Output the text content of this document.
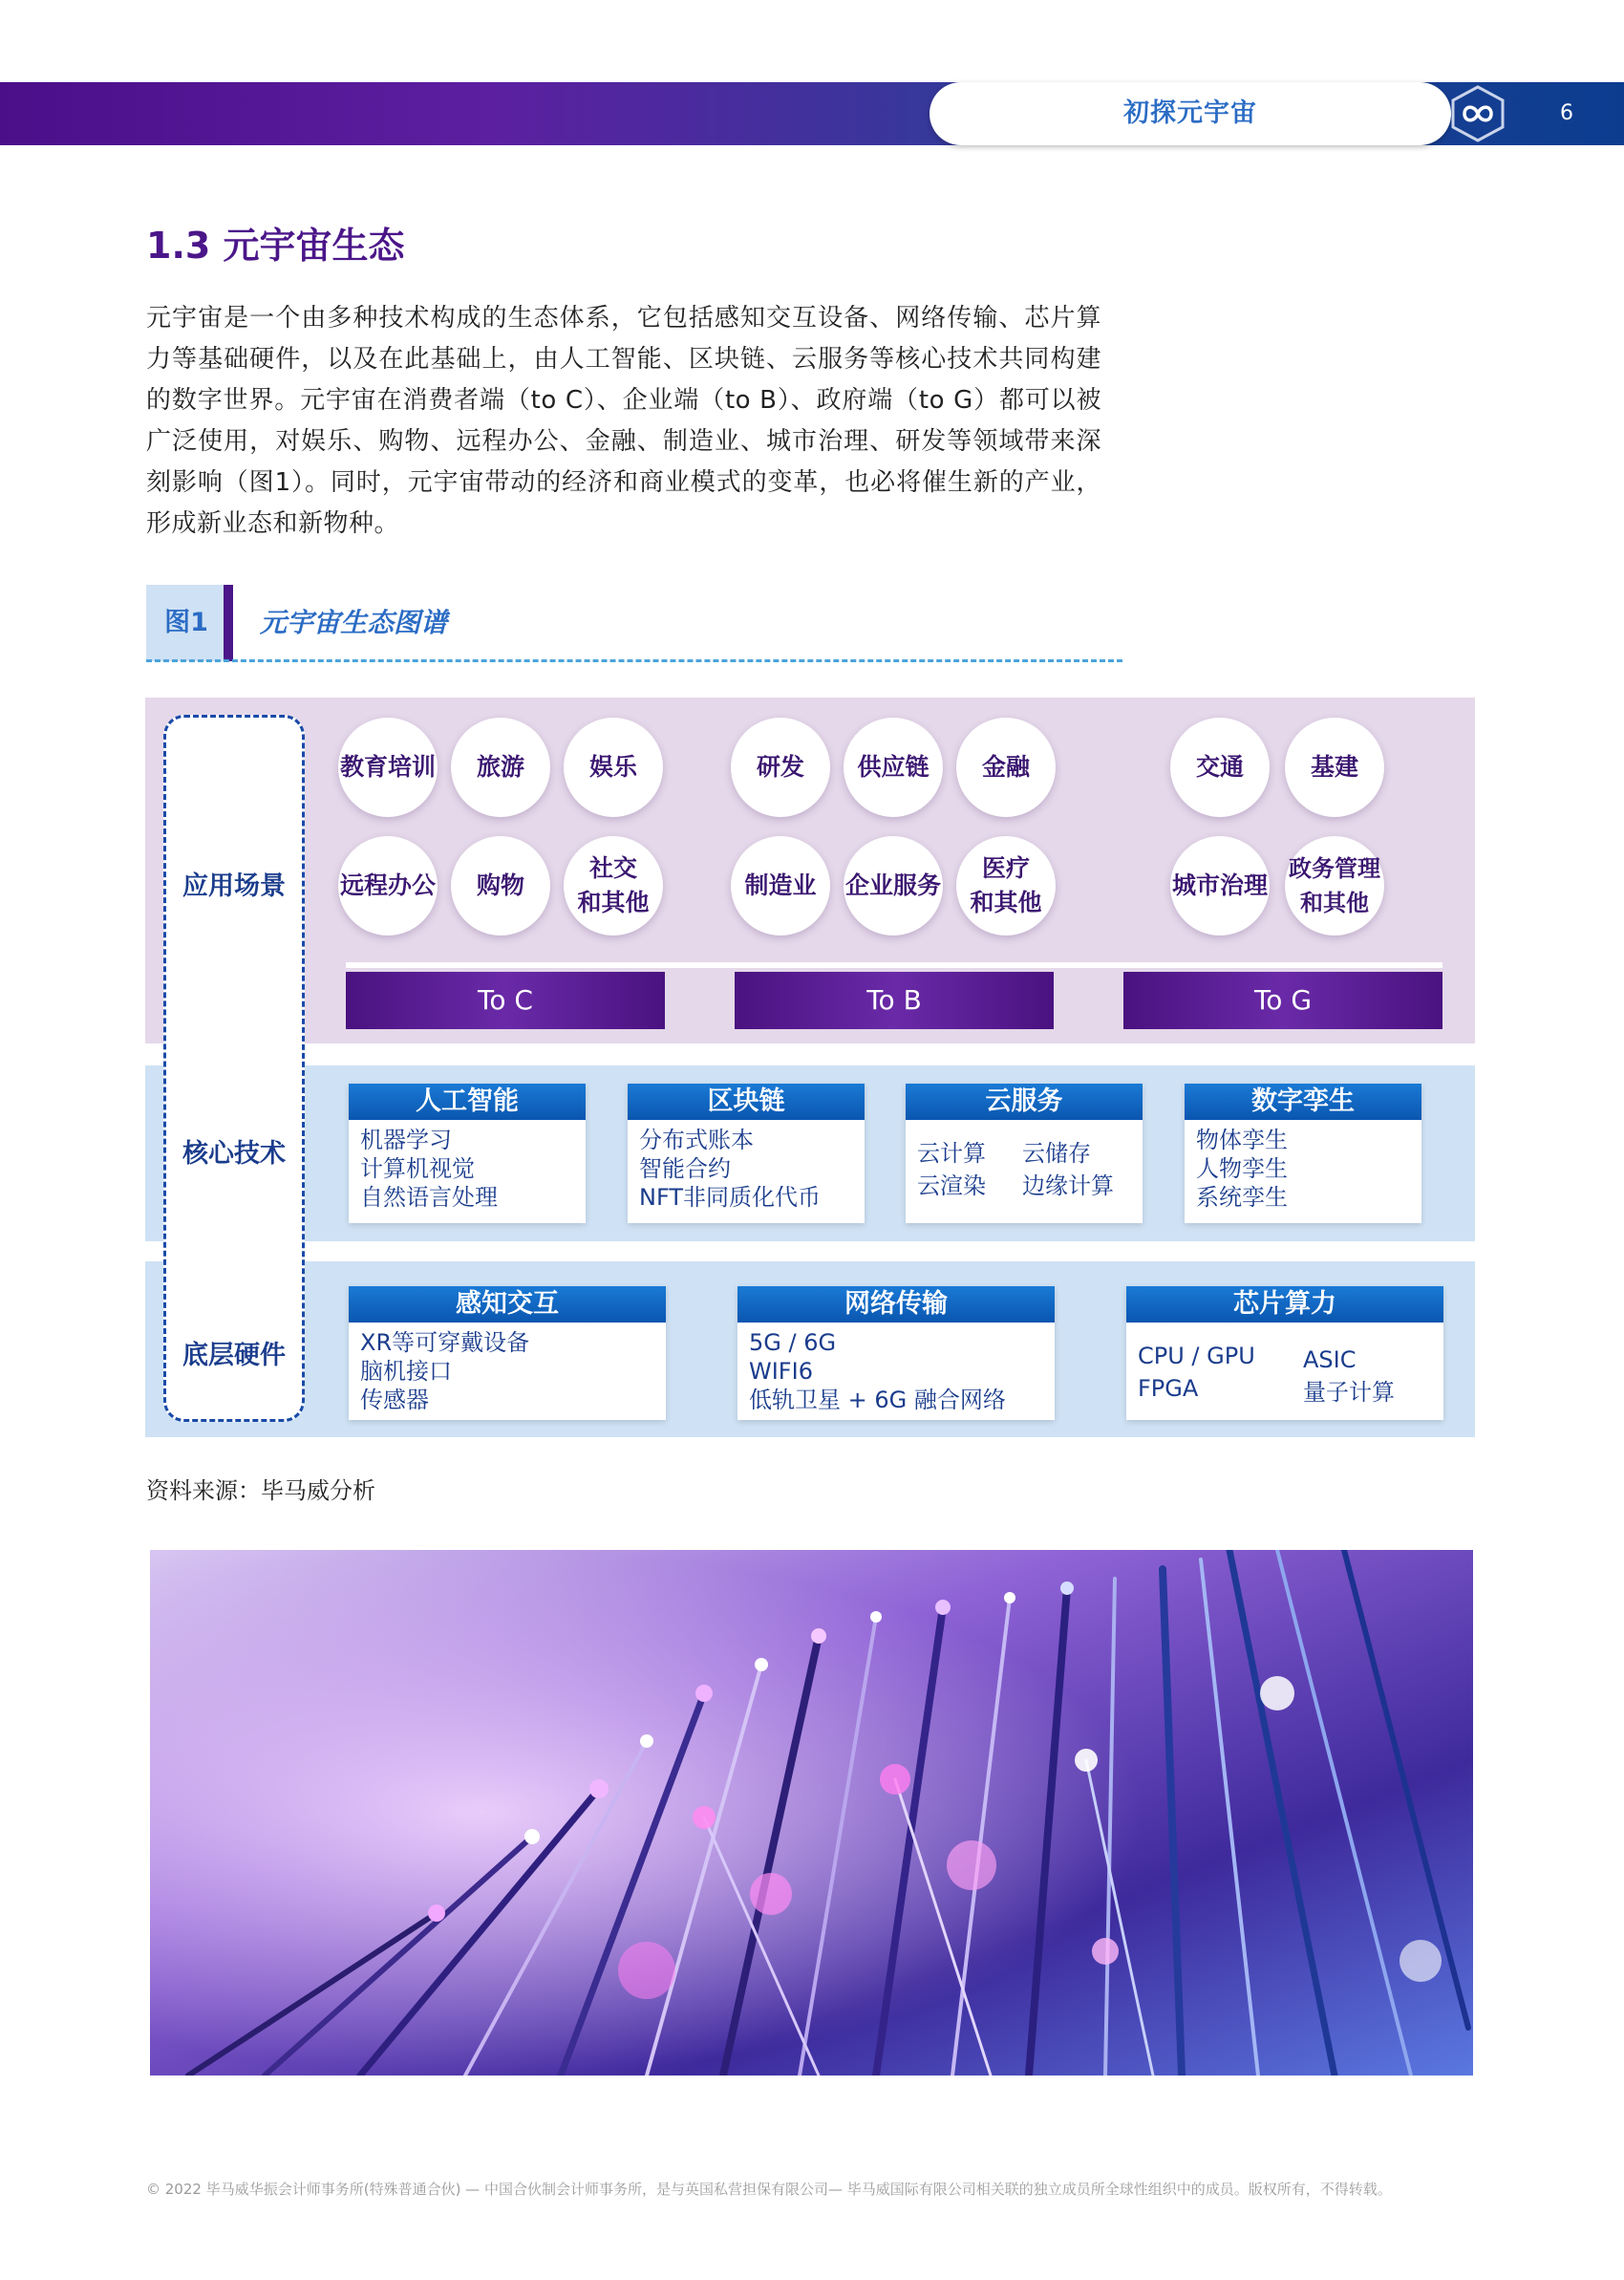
初探元宇宙	6
1.3 元宇宙生态
元宇宙是一个由多种技术构成的生态体系，它包括感知交互设备、网络传输、芯片算力等基础硬件，以及在此基础上，由人工智能、区块链、云服务等核心技术共同构建的数字世界。元宇宙在消费者端（to C）、企业端（to B）、政府端（to G）都可以被广泛使用，对娱乐、购物、远程办公、金融、制造业、城市治理、研发等领域带来深刻影响（图1）。同时，元宇宙带动的经济和商业模式的变革，也必将催生新的产业，形成新业态和新物种。
图1	元宇宙生态图谱
应用场景
核心技术
底层硬件
教育培训	旅游	娱乐
远程办公	购物
社交
和其他
研发	供应链	金融
制造业	企业服务
医疗
和其他
交通	基建
城市治理
政务管理
和其他
To C	To B	To G
人工智能
机器学习
计算机视觉
自然语言处理
区块链
分布式账本
智能合约
NFT非同质化代币
云服务
云计算
云渲染
云储存
边缘计算
数字孪生
物体孪生
人物孪生
系统孪生
感知交互
XR等可穿戴设备
脑机接口
传感器
网络传输
5G / 6G
WIFI6
低轨卫星 + 6G 融合网络
芯片算力
CPU / GPU
FPGA
ASIC
量子计算
资料来源：毕马威分析
© 2022 毕马威华振会计师事务所(特殊普通合伙) — 中国合伙制会计师事务所，是与英国私营担保有限公司— 毕马威国际有限公司相关联的独立成员所全球性组织中的成员。版权所有，不得转载。
